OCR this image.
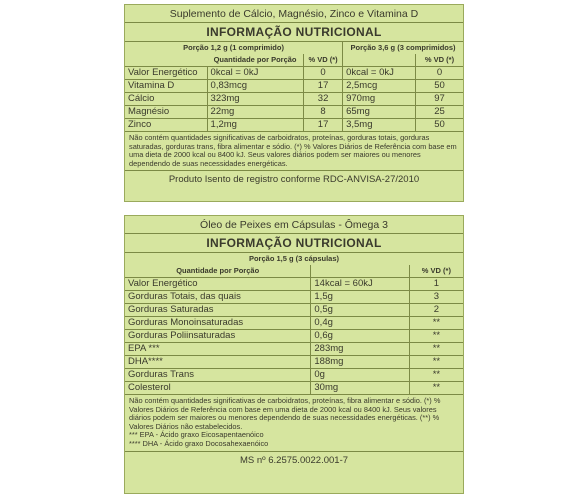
Suplemento de Cálcio, Magnésio, Zinco e Vitamina D
INFORMAÇÃO NUTRICIONAL
Porção 1,2 g (1 comprimido)			Porção 3,6 g (3 comprimidos)	
	Quantidade por Porção	% VD (*)		% VD (*)
Valor Energético	0kcal = 0kJ	0	0kcal = 0kJ	0
Vitamina D	0,83mcg	17	2,5mcg	50
Cálcio	323mg	32	970mg	97
Magnésio	22mg	8	65mg	25
Zinco	1,2mg	17	3,5mg	50
Não contém quantidades significativas de carboidratos, proteínas, gorduras totais, gorduras saturadas, gorduras trans, fibra alimentar e sódio. (*) % Valores Diários de Referência com base em uma dieta de 2000 kcal ou 8400 kJ. Seus valores diários podem ser maiores ou menores dependendo de suas necessidades energéticas.
Produto Isento de registro conforme RDC-ANVISA-27/2010
Óleo de Peixes em Cápsulas - Ômega 3
INFORMAÇÃO NUTRICIONAL
Porção 1,5 g (3 cápsulas)		
Quantidade por Porção		% VD (*)
Valor Energético	14kcal = 60kJ	1
Gorduras Totais, das quais	1,5g	3
Gorduras Saturadas	0,5g	2
Gorduras Monoinsaturadas	0,4g	**
Gorduras Poliinsaturadas	0,6g	**
EPA ***	283mg	**
DHA****	188mg	**
Gorduras Trans	0g	**
Colesterol	30mg	**
Não contém quantidades significativas de carboidratos, proteínas, fibra alimentar e sódio. (*) % Valores Diários de Referência com base em uma dieta de 2000 kcal ou 8400 kJ. Seus valores diários podem ser maiores ou menores dependendo de suas necessidades energéticas. (**) % Valores Diários não estabelecidos.
*** EPA - Ácido graxo Eicosapentaenóico
**** DHA - Ácido graxo Docosahexaenóico
MS nº 6.2575.0022.001-7
